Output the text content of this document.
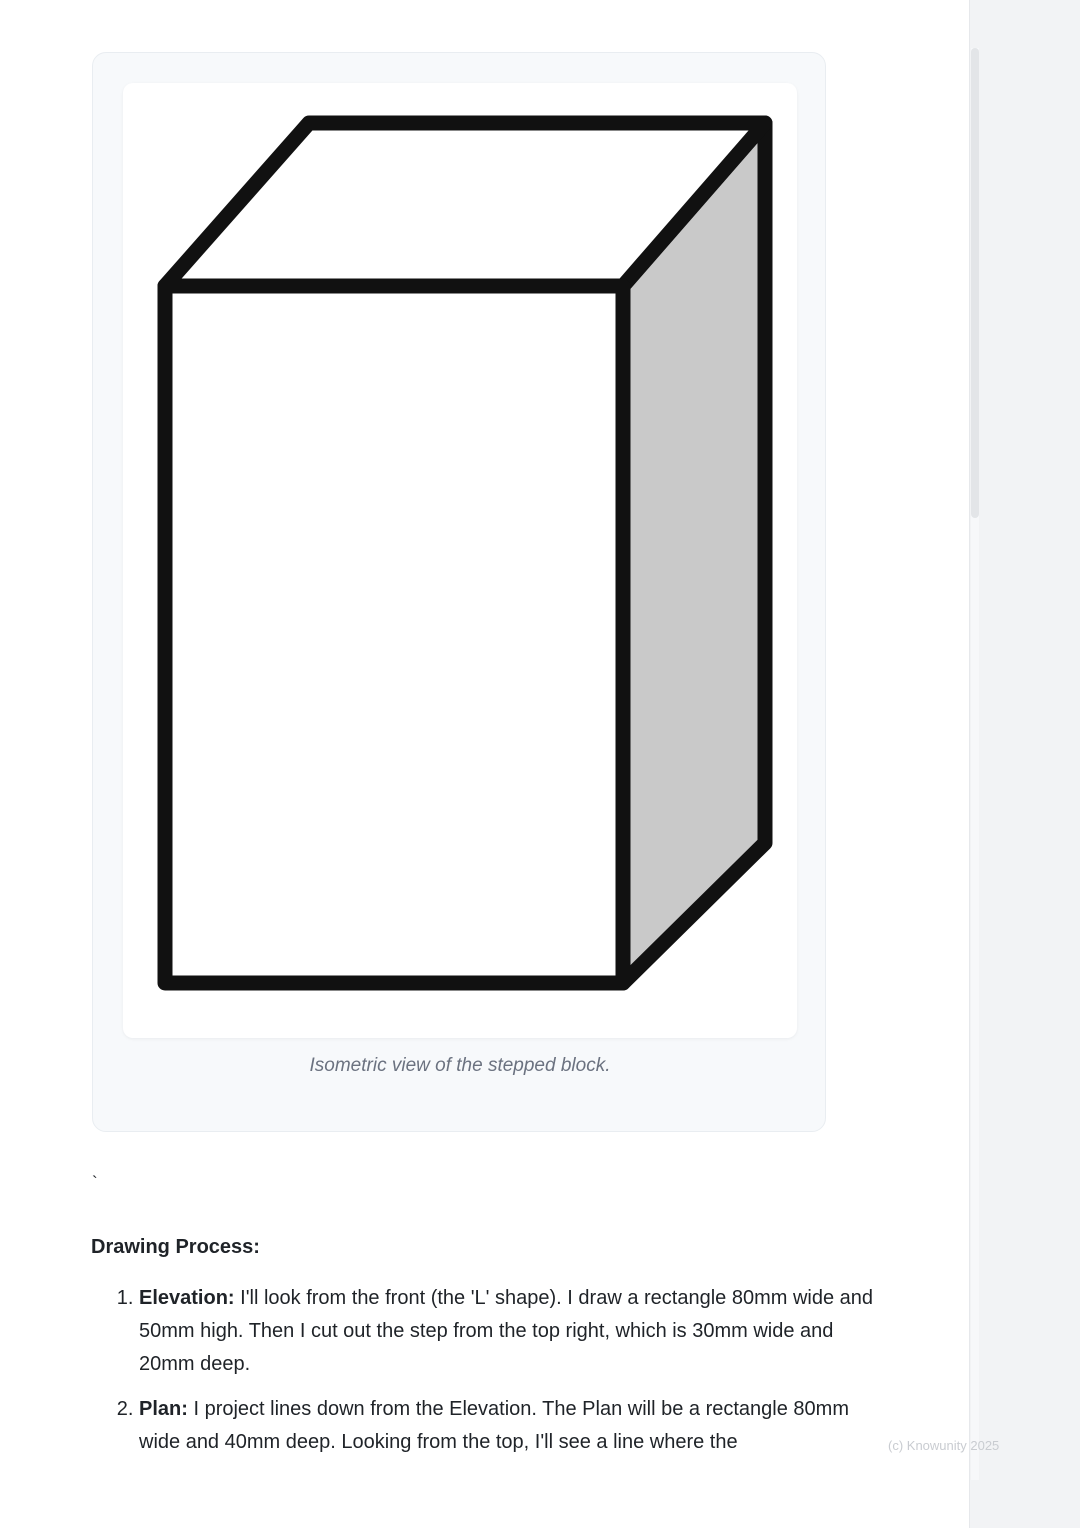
Isometric view of the stepped block.
`
Drawing Process:
1. Elevation: I'll look from the front (the 'L' shape). I draw a rectangle 80mm wide and 50mm high. Then I cut out the step from the top right, which is 30mm wide and 20mm deep.
2. Plan: I project lines down from the Elevation. The Plan will be a rectangle 80mm wide and 40mm deep. Looking from the top, I'll see a line where the	(c) Knowunity 2025
